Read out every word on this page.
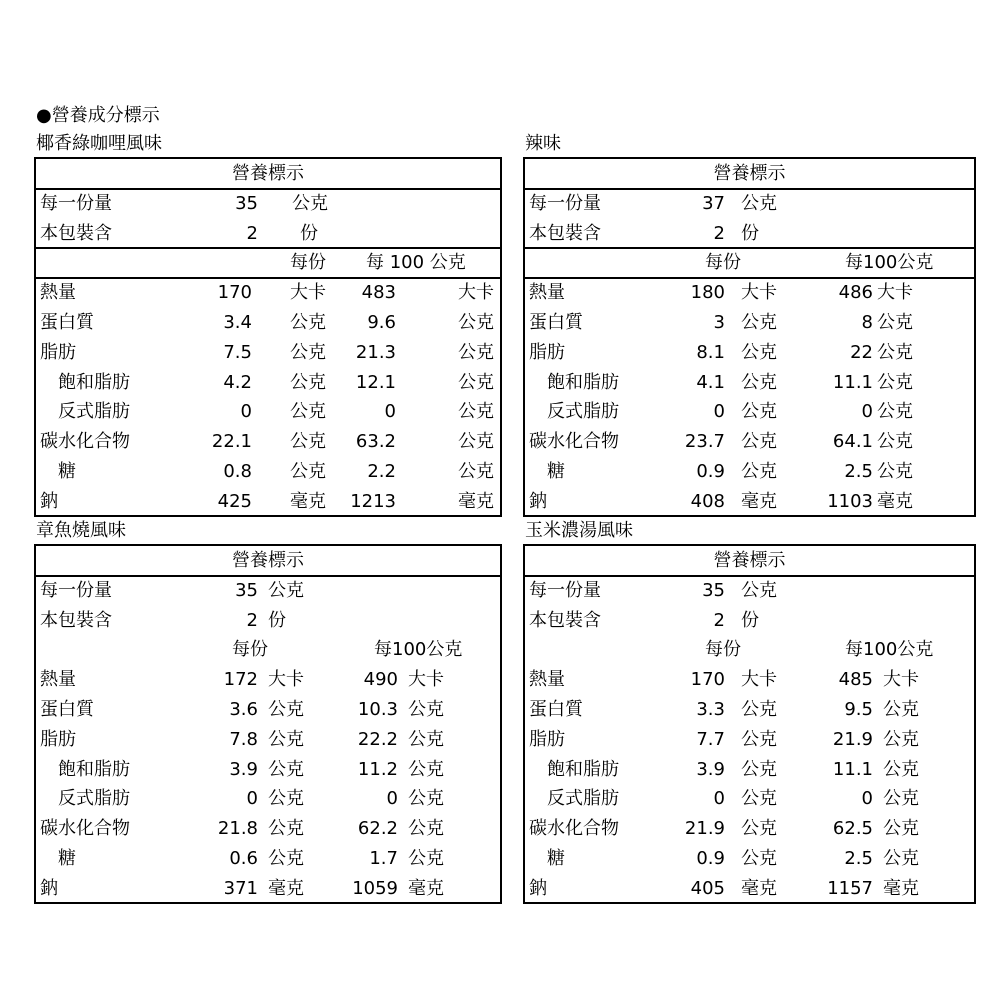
●營養成分標示
椰香綠咖哩風味
營養標示
每一份量	35 公克
本包裝含	2 份
每份 每 100 公克
熱量	170 大卡 483	大卡
蛋白質	3.4 公克 9.6	公克
脂肪	7.5 公克 21.3	公克
飽和脂肪	4.2 公克 12.1	公克
反式脂肪	0 公克	0	公克
碳水化合物	22.1 公克 63.2	公克
糖	0.8 公克 2.2	公克
鈉	425 毫克 1213	毫克
辣味
營養標示
每一份量	37 公克
本包裝含	2 份
每份	每100公克
熱量	180 大卡	486 大卡
蛋白質	3 公克	8 公克
脂肪	8.1 公克	22 公克
飽和脂肪	4.1 公克	11.1 公克
反式脂肪	0 公克	0 公克
碳水化合物	23.7 公克	64.1 公克
糖	0.9 公克	2.5 公克
鈉	408 毫克	1103 毫克
章魚燒風味
營養標示
每一份量	35 公克
本包裝含	2 份
每份	每100公克
熱量	172 大卡	490 大卡
蛋白質	3.6 公克	10.3 公克
脂肪	7.8 公克	22.2 公克
飽和脂肪	3.9 公克	11.2 公克
反式脂肪	0 公克	0 公克
碳水化合物	21.8 公克	62.2 公克
糖	0.6 公克	1.7 公克
鈉	371 毫克	1059 毫克
玉米濃湯風味
營養標示
每一份量	35 公克
本包裝含	2 份
每份	每100公克
熱量	170 大卡	485 大卡
蛋白質	3.3 公克	9.5 公克
脂肪	7.7 公克	21.9 公克
飽和脂肪	3.9 公克	11.1 公克
反式脂肪	0 公克	0 公克
碳水化合物	21.9 公克	62.5 公克
糖	0.9 公克	2.5 公克
鈉	405 毫克	1157 毫克
